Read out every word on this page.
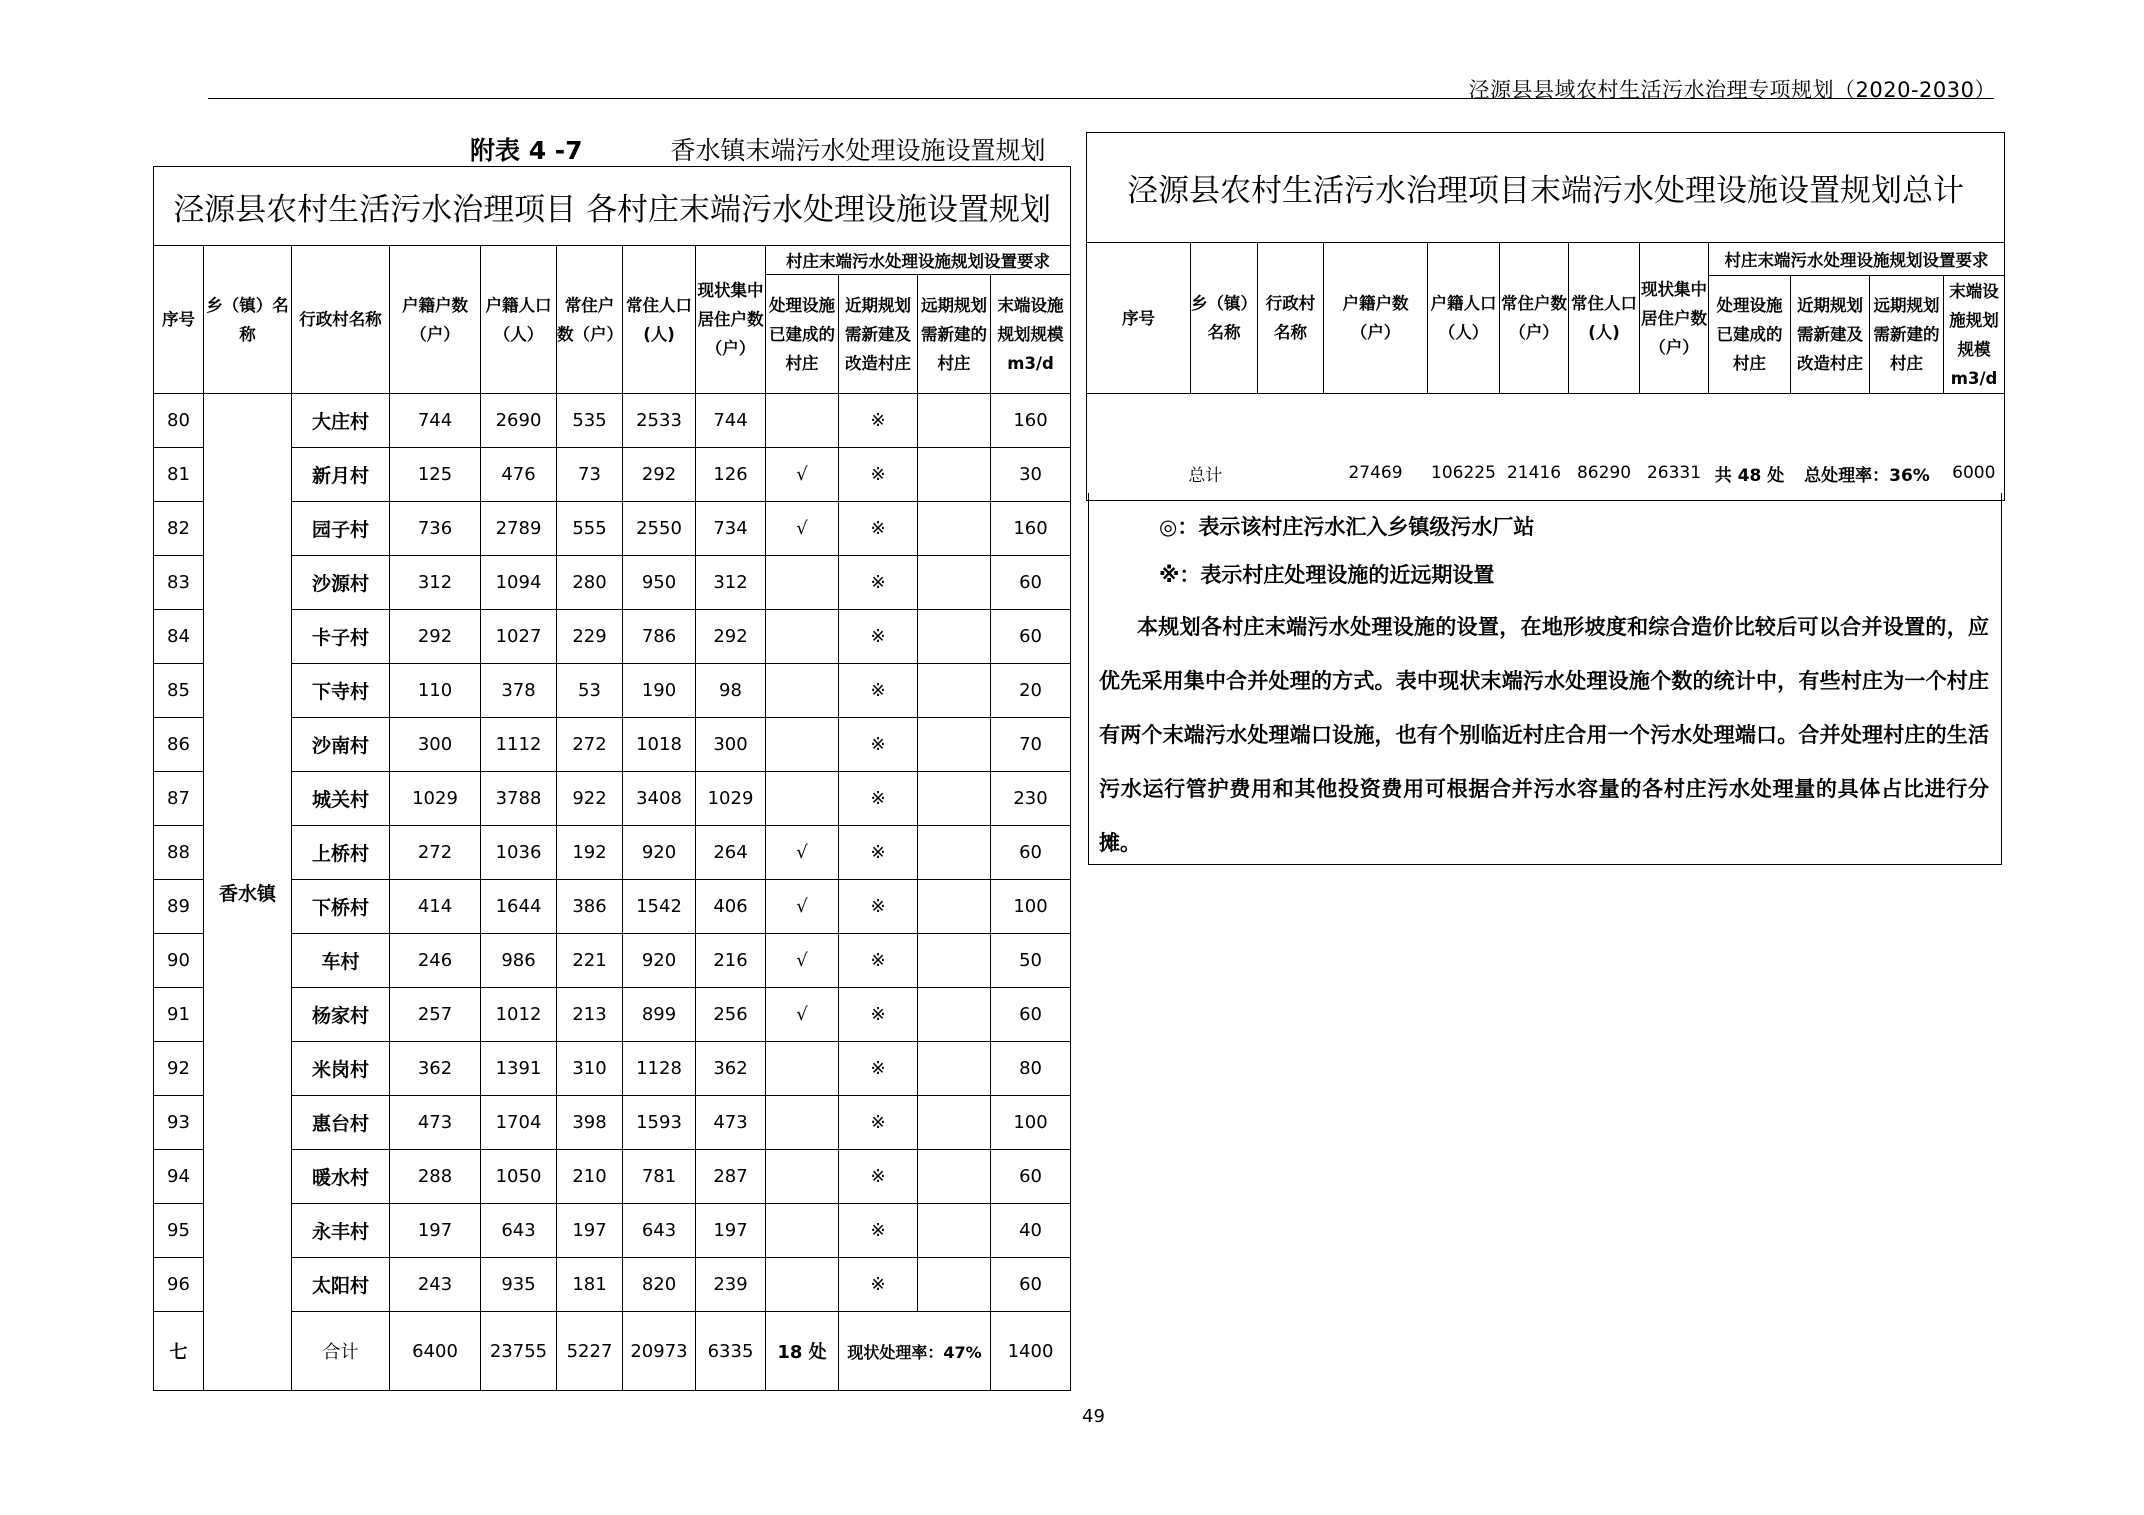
泾源县县域农村生活污水治理专项规划（2020-2030）
附表 4 -7	香水镇末端污水处理设施设置规划
泾源县农村生活污水治理项目 各村庄末端污水处理设施设置规划											
序号	乡（镇）名称	行政村名称	户籍户数（户）	户籍人口（人）	常住户数（户）	常住人口(人)	现状集中居住户数（户）	村庄末端污水处理设施规划设置要求			
								处理设施已建成的村庄	近期规划需新建及改造村庄	远期规划需新建的村庄	末端设施规划规模m3/d
80	香水镇	大庄村	744	2690	535	2533	744		※		160
81		新月村	125	476	73	292	126	√	※		30
82		园子村	736	2789	555	2550	734	√	※		160
83		沙源村	312	1094	280	950	312		※		60
84		卡子村	292	1027	229	786	292		※		60
85		下寺村	110	378	53	190	98		※		20
86		沙南村	300	1112	272	1018	300		※		70
87		城关村	1029	3788	922	3408	1029		※		230
88		上桥村	272	1036	192	920	264	√	※		60
89		下桥村	414	1644	386	1542	406	√	※		100
90		车村	246	986	221	920	216	√	※		50
91		杨家村	257	1012	213	899	256	√	※		60
92		米岗村	362	1391	310	1128	362		※		80
93		惠台村	473	1704	398	1593	473		※		100
94		暖水村	288	1050	210	781	287		※		60
95		永丰村	197	643	197	643	197		※		40
96		太阳村	243	935	181	820	239		※		60
七		合计	6400	23755	5227	20973	6335	18 处	现状处理率：47%		1400
泾源县农村生活污水治理项目末端污水处理设施设置规划总计											
序号	乡（镇）名称	行政村名称	户籍户数（户）	户籍人口（人）	常住户数（户）	常住人口(人)	现状集中居住户数（户）	村庄末端污水处理设施规划设置要求			
								处理设施已建成的村庄	近期规划需新建及改造村庄	远期规划需新建的村庄	末端设施规划规模m3/d

总计			27469	106225	21416	86290	26331	共 48 处	总处理率：36%		6000
◎：表示该村庄污水汇入乡镇级污水厂站
※：表示村庄处理设施的近远期设置
本规划各村庄末端污水处理设施的设置，在地形坡度和综合造价比较后可以合并设置的，应优先采用集中合并处理的方式。表中现状末端污水处理设施个数的统计中，有些村庄为一个村庄有两个末端污水处理端口设施，也有个别临近村庄合用一个污水处理端口。合并处理村庄的生活污水运行管护费用和其他投资费用可根据合并污水容量的各村庄污水处理量的具体占比进行分摊。
49
